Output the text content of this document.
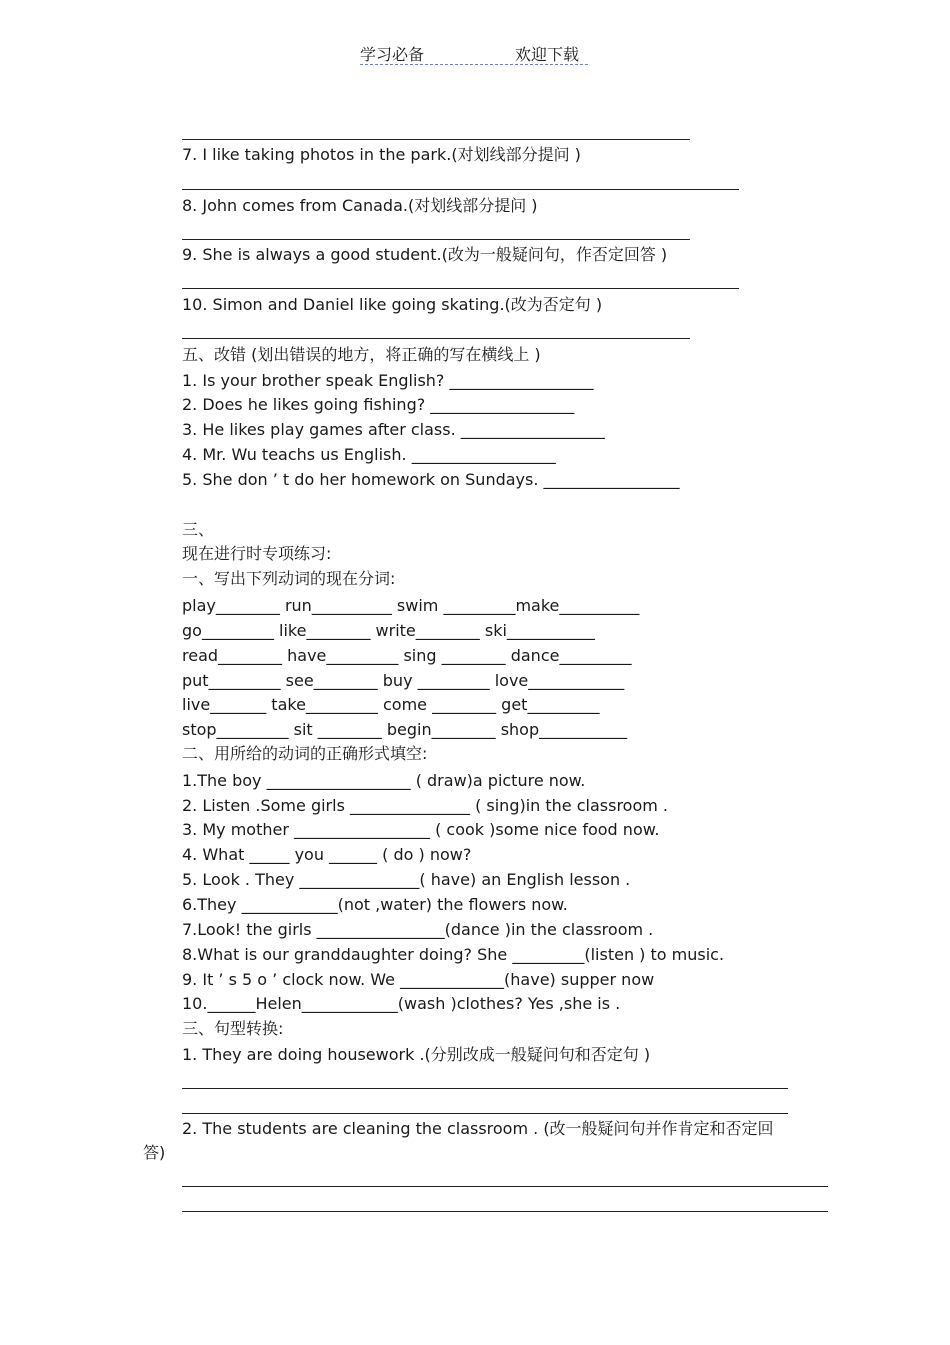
学习必备	欢迎下载
7. I like taking photos in the park.(对划线部分提问 )
8. John comes from Canada.(对划线部分提问 )
9. She is always a good student.(改为一般疑问句，作否定回答 )
10. Simon and Daniel like going skating.(改为否定句 )
五、改错 (划出错误的地方，将正确的写在横线上 )
1. Is your brother speak English? __________________
2. Does he likes going fishing? __________________
3. He likes play games after class. __________________
4. Mr. Wu teachs us English. __________________
5. She don ’ t do her homework on Sundays. _________________
三、
现在进行时专项练习:
一、写出下列动词的现在分词:
play________ run__________ swim _________make__________
go_________ like________ write________ ski___________
read________ have_________ sing ________ dance_________
put_________ see________ buy _________ love____________
live_______ take_________ come ________ get_________
stop_________ sit ________ begin________ shop___________
二、用所给的动词的正确形式填空:
1.The boy __________________ ( draw)a picture now.
2. Listen .Some girls _______________ ( sing)in the classroom .
3. My mother _________________ ( cook )some nice food now.
4. What _____ you ______ ( do ) now?
5. Look . They _______________( have) an English lesson .
6.They ____________(not ,water) the flowers now.
7.Look! the girls ________________(dance )in the classroom .
8.What is our granddaughter doing? She _________(listen ) to music.
9. It ’ s 5 o ’ clock now. We _____________(have) supper now
10.______Helen____________(wash )clothes? Yes ,she is .
三、句型转换:
1. They are doing housework .(分别改成一般疑问句和否定句 )
2. The students are cleaning the classroom . (改一般疑问句并作肯定和否定回
答)
